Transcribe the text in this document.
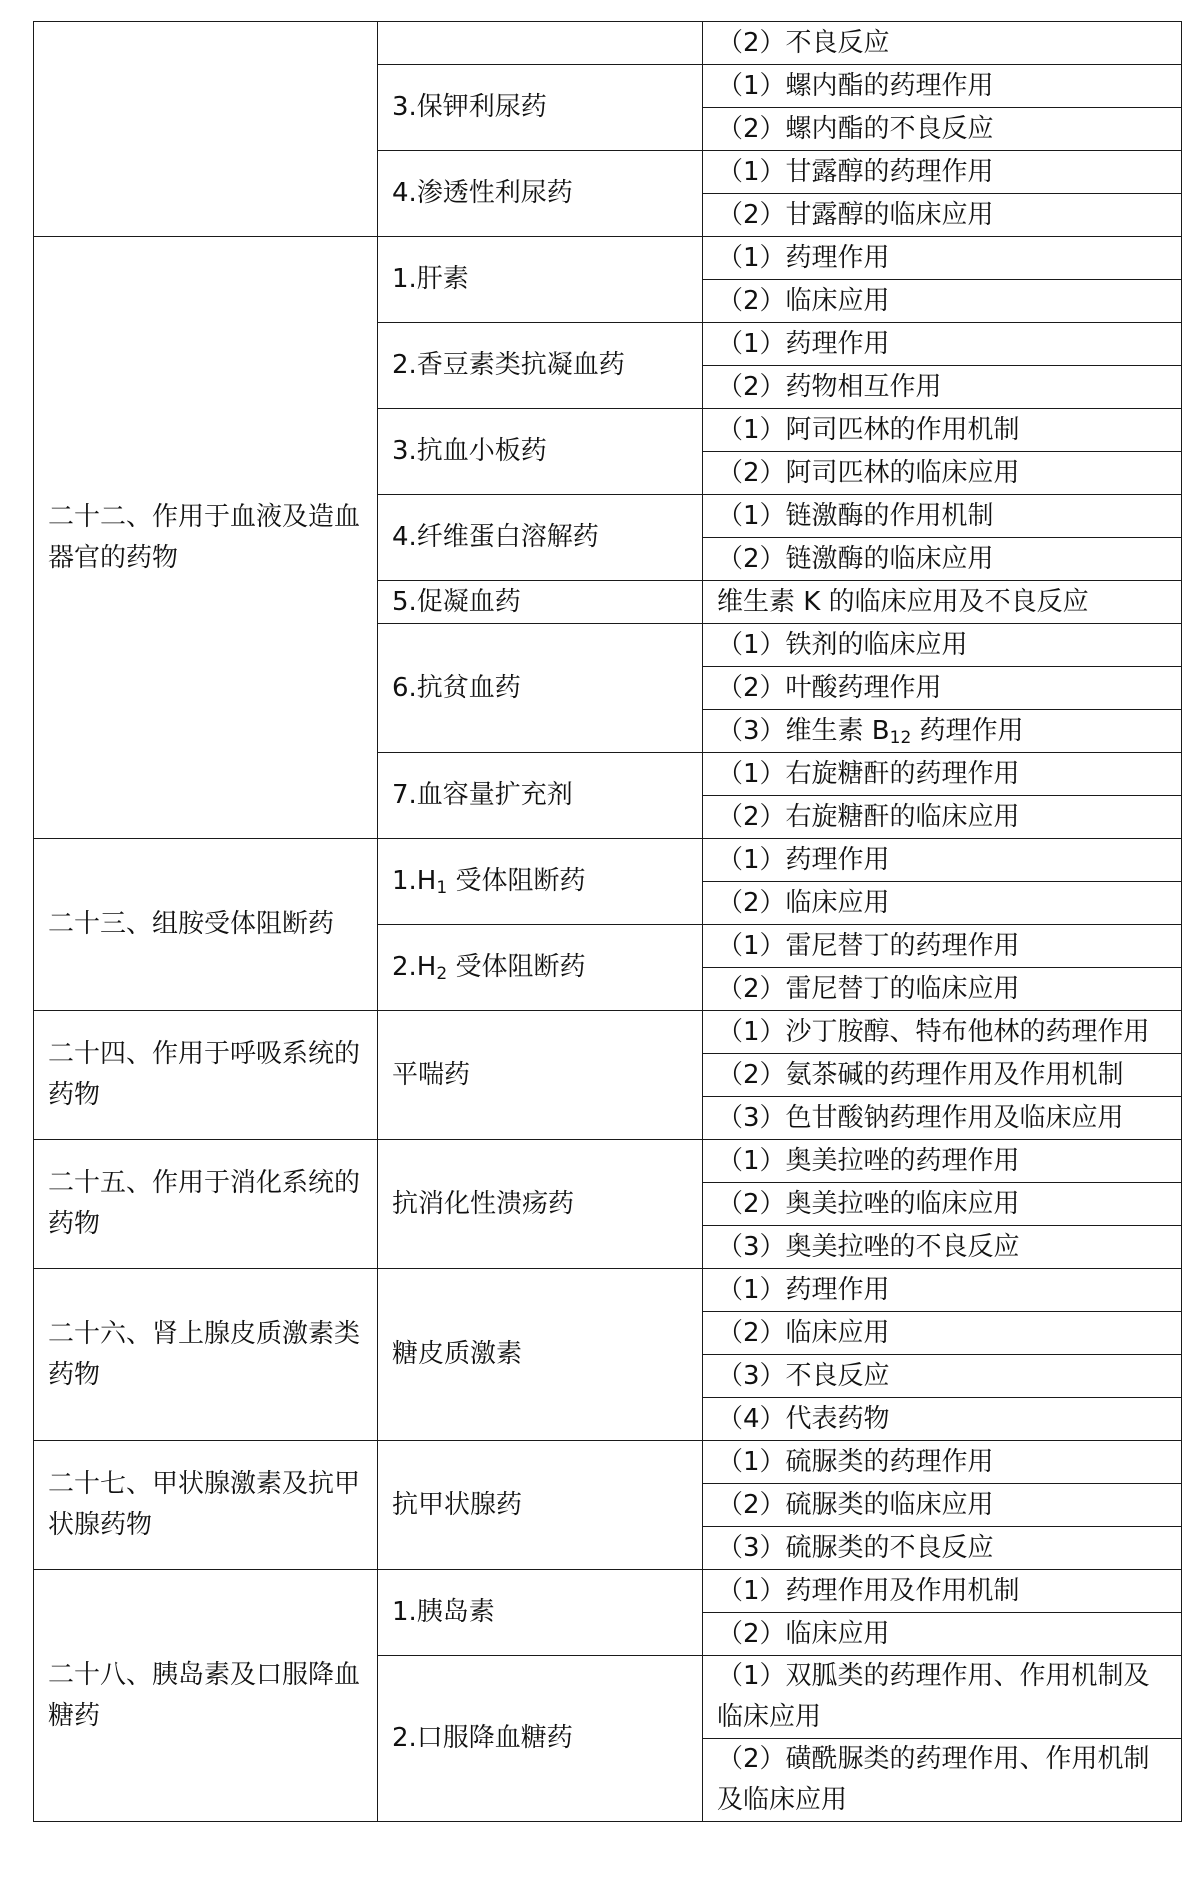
		（2）不良反应
	3.保钾利尿药	（1）螺内酯的药理作用
		（2）螺内酯的不良反应
	4.渗透性利尿药	（1）甘露醇的药理作用
		（2）甘露醇的临床应用
二十二、作用于血液及造血器官的药物	1.肝素	（1）药理作用
		（2）临床应用
	2.香豆素类抗凝血药	（1）药理作用
		（2）药物相互作用
	3.抗血小板药	（1）阿司匹林的作用机制
		（2）阿司匹林的临床应用
	4.纤维蛋白溶解药	（1）链激酶的作用机制
		（2）链激酶的临床应用
	5.促凝血药	维生素 K 的临床应用及不良反应
	6.抗贫血药	（1）铁剂的临床应用
		（2）叶酸药理作用
		（3）维生素 $B_{12}$ 药理作用
	7.血容量扩充剂	（1）右旋糖酐的药理作用
		（2）右旋糖酐的临床应用
二十三、组胺受体阻断药	$1.H_1$ 受体阻断药	（1）药理作用
		（2）临床应用
	$2.H_2$ 受体阻断药	（1）雷尼替丁的药理作用
		（2）雷尼替丁的临床应用
二十四、作用于呼吸系统的药物	平喘药	（1）沙丁胺醇、特布他林的药理作用
		（2）氨茶碱的药理作用及作用机制
		（3）色甘酸钠药理作用及临床应用
二十五、作用于消化系统的药物	抗消化性溃疡药	（1）奥美拉唑的药理作用
		（2）奥美拉唑的临床应用
		（3）奥美拉唑的不良反应
二十六、肾上腺皮质激素类药物	糖皮质激素	（1）药理作用
		（2）临床应用
		（3）不良反应
		（4）代表药物
二十七、甲状腺激素及抗甲状腺药物	抗甲状腺药	（1）硫脲类的药理作用
		（2）硫脲类的临床应用
		（3）硫脲类的不良反应
二十八、胰岛素及口服降血糖药	1.胰岛素	（1）药理作用及作用机制
		（2）临床应用
	2.口服降血糖药	（1）双胍类的药理作用、作用机制及临床应用
		（2）磺酰脲类的药理作用、作用机制及临床应用
